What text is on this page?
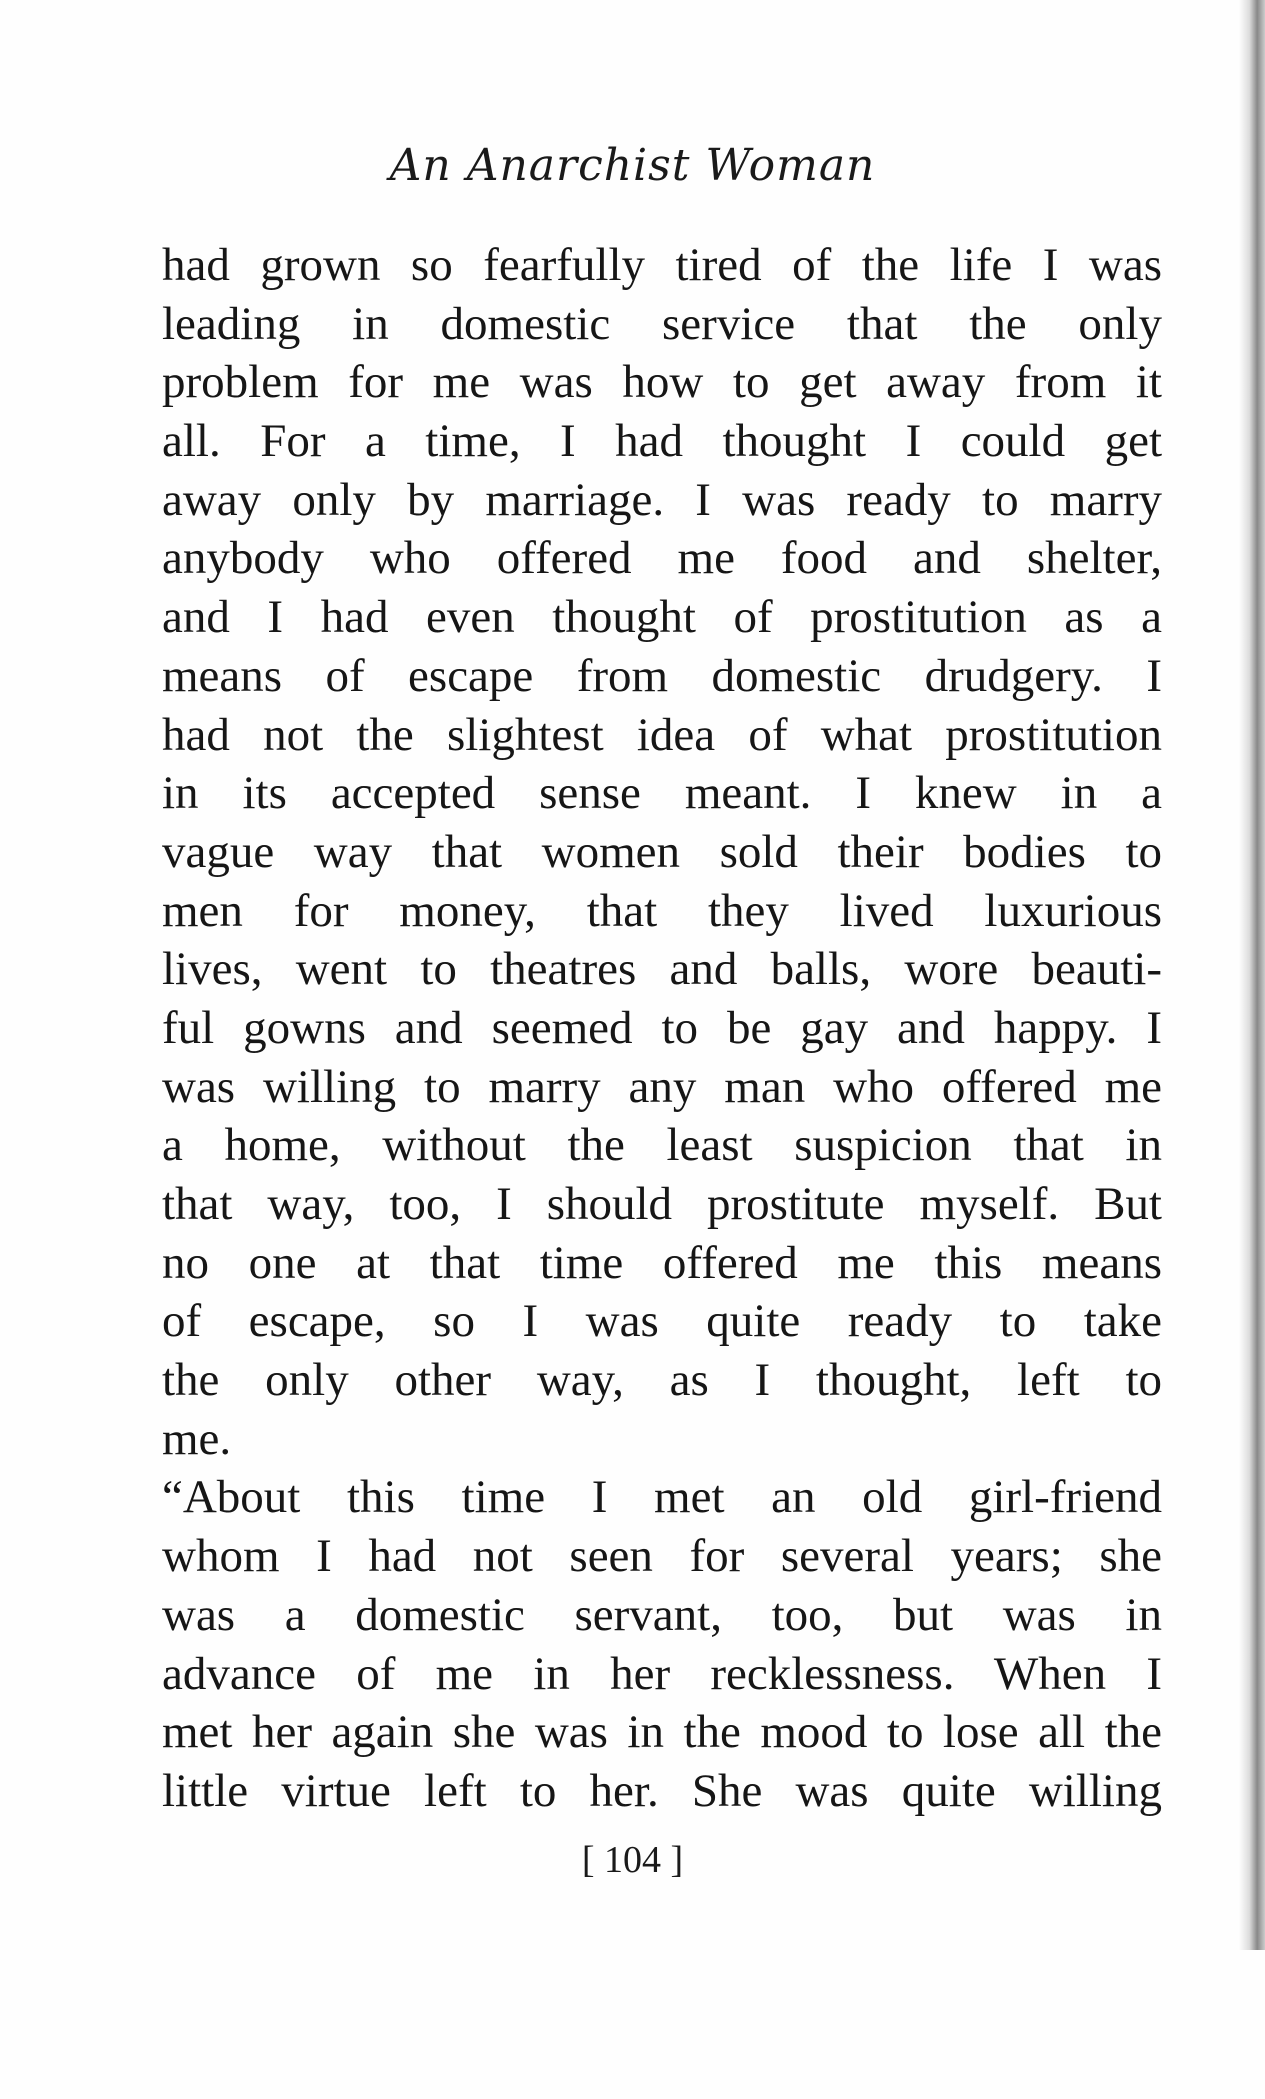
An Anarchist Woman
had grown so fearfully tired of the life I was
leading in domestic service that the only
problem for me was how to get away from it
all. For a time, I had thought I could get
away only by marriage. I was ready to marry
anybody who offered me food and shelter,
and I had even thought of prostitution as a
means of escape from domestic drudgery. I
had not the slightest idea of what prostitution
in its accepted sense meant. I knew in a
vague way that women sold their bodies to
men for money, that they lived luxurious
lives, went to theatres and balls, wore beauti-
ful gowns and seemed to be gay and happy. I
was willing to marry any man who offered me
a home, without the least suspicion that in
that way, too, I should prostitute myself. But
no one at that time offered me this means
of escape, so I was quite ready to take
the only other way, as I thought, left to
me.
“About this time I met an old girl-friend
whom I had not seen for several years; she
was a domestic servant, too, but was in
advance of me in her recklessness. When I
met her again she was in the mood to lose all the
little virtue left to her. She was quite willing
[ 104 ]
